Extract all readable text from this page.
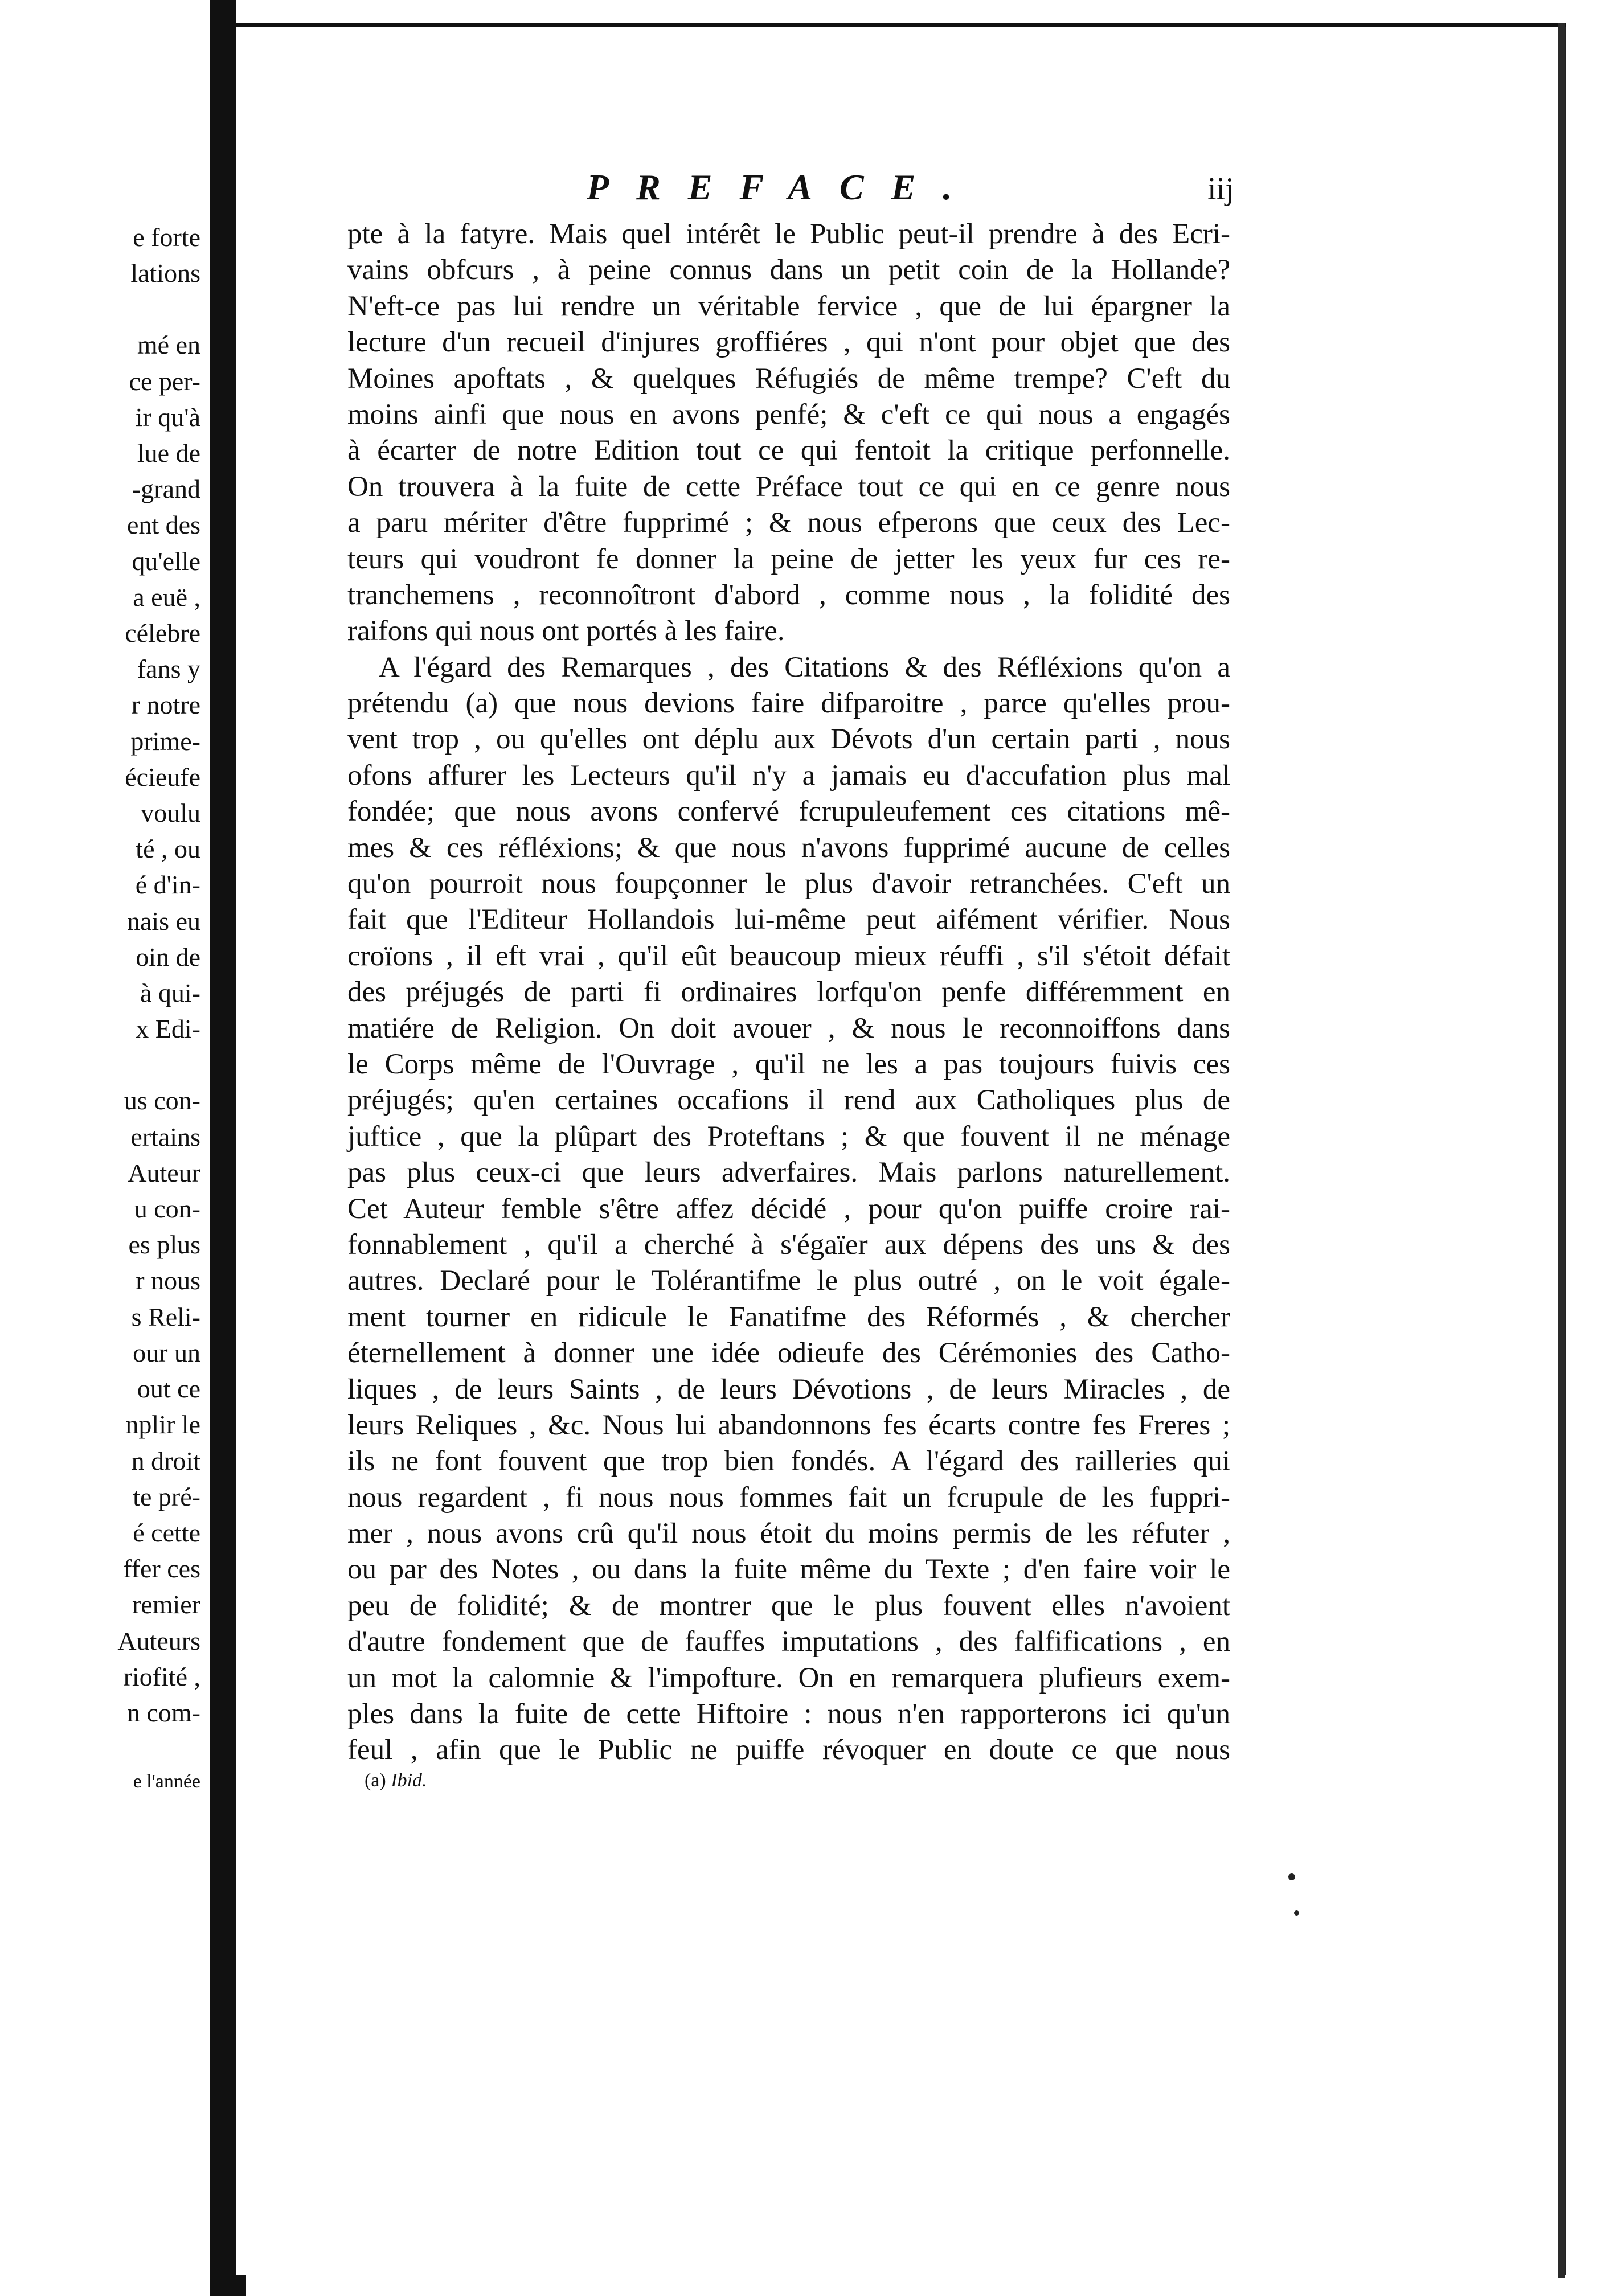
e forte
lations
mé en
ce per-
ir qu'à
lue de
-grand
ent des
qu'elle
a euë ,
célebre
fans y
r notre
prime-
écieufe
voulu
té , ou
é d'in-
nais eu
oin de
à qui-
x Edi-
us con-
ertains
Auteur
u con-
es plus
r nous
s Reli-
our un
out ce
nplir le
n droit
te pré-
é cette
ffer ces
remier
Auteurs
riofité ,
n com-
e l'année
PREFACE.	iij
pte à la fatyre. Mais quel intérêt le Public peut-il prendre à des Ecri-
vains obfcurs , à peine connus dans un petit coin de la Hollande?
N'eft-ce pas lui rendre un véritable fervice , que de lui épargner la
lecture d'un recueil d'injures groffiéres , qui n'ont pour objet que des
Moines apoftats , & quelques Réfugiés de même trempe? C'eft du
moins ainfi que nous en avons penfé; & c'eft ce qui nous a engagés
à écarter de notre Edition tout ce qui fentoit la critique perfonnelle.
On trouvera à la fuite de cette Préface tout ce qui en ce genre nous
a paru mériter d'être fupprimé ; & nous efperons que ceux des Lec-
teurs qui voudront fe donner la peine de jetter les yeux fur ces re-
tranchemens , reconnoîtront d'abord , comme nous , la folidité des
raifons qui nous ont portés à les faire.
A l'égard des Remarques , des Citations & des Réfléxions qu'on a
prétendu (a) que nous devions faire difparoitre , parce qu'elles prou-
vent trop , ou qu'elles ont déplu aux Dévots d'un certain parti , nous
ofons affurer les Lecteurs qu'il n'y a jamais eu d'accufation plus mal
fondée; que nous avons confervé fcrupuleufement ces citations mê-
mes & ces réfléxions; & que nous n'avons fupprimé aucune de celles
qu'on pourroit nous foupçonner le plus d'avoir retranchées. C'eft un
fait que l'Editeur Hollandois lui-même peut aifément vérifier. Nous
croïons , il eft vrai , qu'il eût beaucoup mieux réuffi , s'il s'étoit défait
des préjugés de parti fi ordinaires lorfqu'on penfe différemment en
matiére de Religion. On doit avouer , & nous le reconnoiffons dans
le Corps même de l'Ouvrage , qu'il ne les a pas toujours fuivis ces
préjugés; qu'en certaines occafions il rend aux Catholiques plus de
juftice , que la plûpart des Proteftans ; & que fouvent il ne ménage
pas plus ceux-ci que leurs adverfaires. Mais parlons naturellement.
Cet Auteur femble s'être affez décidé , pour qu'on puiffe croire rai-
fonnablement , qu'il a cherché à s'égaïer aux dépens des uns & des
autres. Declaré pour le Tolérantifme le plus outré , on le voit égale-
ment tourner en ridicule le Fanatifme des Réformés , & chercher
éternellement à donner une idée odieufe des Cérémonies des Catho-
liques , de leurs Saints , de leurs Dévotions , de leurs Miracles , de
leurs Reliques , &c. Nous lui abandonnons fes écarts contre fes Freres ;
ils ne font fouvent que trop bien fondés. A l'égard des railleries qui
nous regardent , fi nous nous fommes fait un fcrupule de les fuppri-
mer , nous avons crû qu'il nous étoit du moins permis de les réfuter ,
ou par des Notes , ou dans la fuite même du Texte ; d'en faire voir le
peu de folidité; & de montrer que le plus fouvent elles n'avoient
d'autre fondement que de fauffes imputations , des falfifications , en
un mot la calomnie & l'impofture. On en remarquera plufieurs exem-
ples dans la fuite de cette Hiftoire : nous n'en rapporterons ici qu'un
feul , afin que le Public ne puiffe révoquer en doute ce que nous
(a) Ibid.
